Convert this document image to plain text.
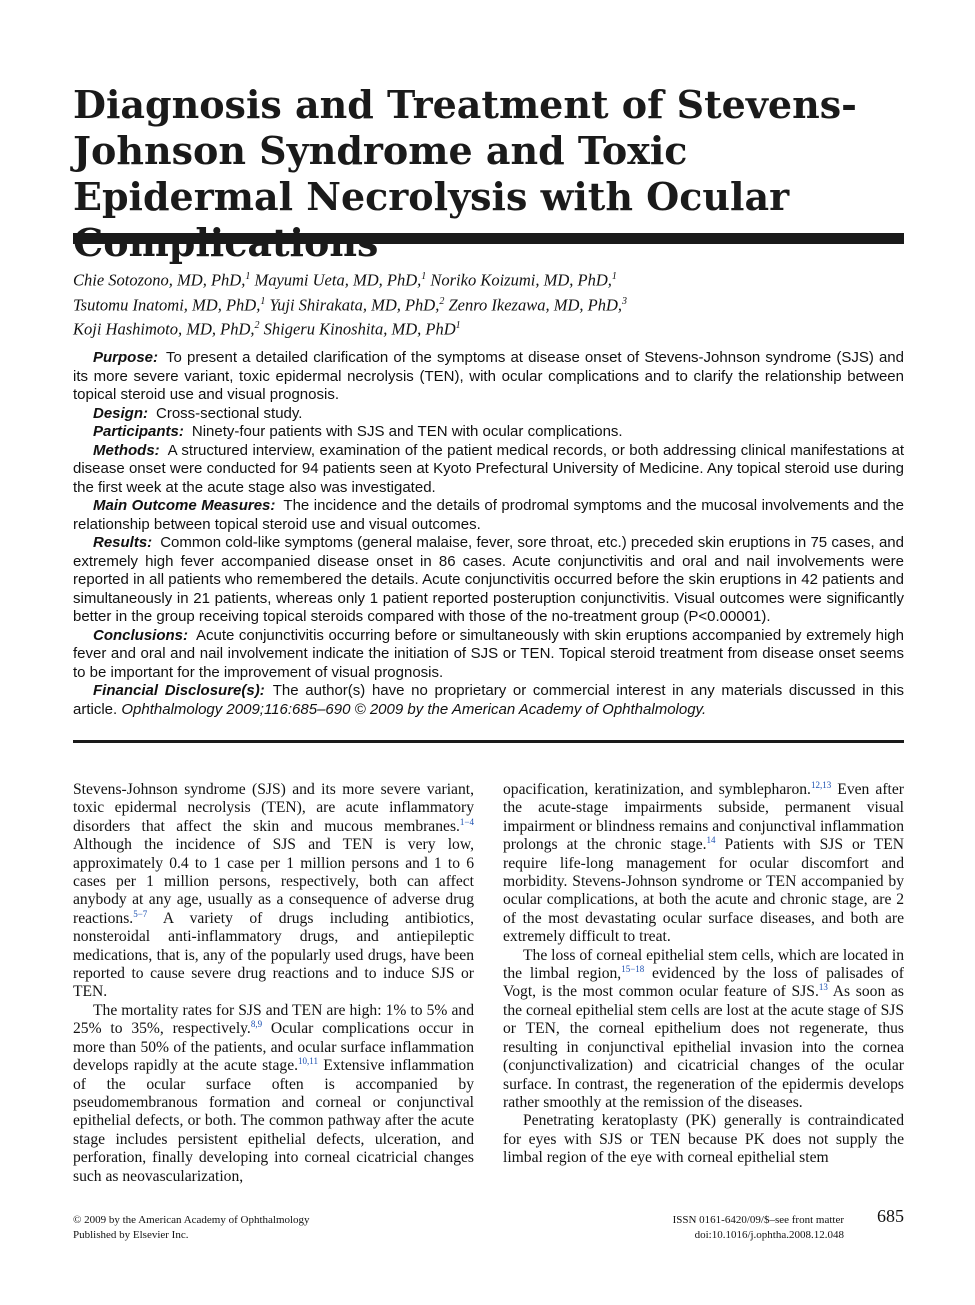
Diagnosis and Treatment of Stevens-Johnson Syndrome and Toxic Epidermal Necrolysis with Ocular
Chie Sotozono, MD, PhD,$^1$ Mayumi Ueta, MD, PhD,$^1$ Noriko Koizumi, MD, PhD,$^1$
Tsutomu Inatomi, MD, PhD,$^1$ Yuji Shirakata, MD, PhD,$^2$ Zenro Ikezawa, MD, PhD,$^3$
Koji Hashimoto, MD, PhD,$^2$ Shigeru Kinoshita, MD, PhD$^1$

Purpose: To present a detailed clarification of the symptoms at disease onset of Stevens-Johnson syndrome (SJS) and its more severe variant, toxic epidermal necrolysis (TEN), with ocular complications and to clarify the relationship between topical steroid use and visual prognosis.

Design: Cross-sectional study.

Participants: Ninety-four patients with SJS and TEN with ocular complications.

Methods: A structured interview, examination of the patient medical records, or both addressing clinical manifestations at disease onset were conducted for 94 patients seen at Kyoto Prefectural University of Medicine. Any topical steroid use during the first week at the acute stage also was investigated.

Main Outcome Measures: The incidence and the details of prodromal symptoms and the mucosal involvements and the relationship between topical steroid use and visual outcomes.

Results: Common cold-like symptoms (general malaise, fever, sore throat, etc.) preceded skin eruptions in 75 cases, and extremely high fever accompanied disease onset in 86 cases. Acute conjunctivitis and oral and nail involvements were reported in all patients who remembered the details. Acute conjunctivitis occurred before the skin eruptions in 42 patients and simultaneously in 21 patients, whereas only 1 patient reported posteruption conjunctivitis. Visual outcomes were significantly better in the group receiving topical steroids compared with those of the no-treatment group (P<0.00001).

Conclusions: Acute conjunctivitis occurring before or simultaneously with skin eruptions accompanied by extremely high fever and oral and nail involvement indicate the initiation of SJS or TEN. Topical steroid treatment from disease onset seems to be important for the improvement of visual prognosis.

Financial Disclosure(s): The author(s) have no proprietary or commercial interest in any materials discussed in this article. Ophthalmology 2009;116:685–690 © 2009 by the American Academy of Ophthalmology.

Stevens-Johnson syndrome (SJS) and its more severe variant, toxic epidermal necrolysis (TEN), are acute inflammatory disorders that affect the skin and mucous membranes.$^{1-4}$ Although the incidence of SJS and TEN is very low, approximately 0.4 to 1 case per 1 million persons and 1 to 6 cases per 1 million persons, respectively, both can affect anybody at any age, usually as a consequence of adverse drug reactions.$^{5-7}$ A variety of drugs including antibiotics, nonsteroidal anti-inflammatory drugs, and antiepileptic medications, that is, any of the popularly used drugs, have been reported to cause severe drug reactions and to induce SJS or TEN.

The mortality rates for SJS and TEN are high: 1% to 5% and 25% to 35%, respectively.$^{8,9}$ Ocular complications occur in more than 50% of the patients, and ocular surface inflammation develops rapidly at the acute stage.$^{10,11}$ Extensive inflammation of the ocular surface often is accompanied by pseudomembranous formation and corneal or conjunctival epithelial defects, or both. The common pathway after the acute stage includes persistent epithelial defects, ulceration, and perforation, finally developing into corneal cicatricial changes such as neovascularization,

opacification, keratinization, and symblepharon.$^{12,13}$ Even after the acute-stage impairments subside, permanent visual impairment or blindness remains and conjunctival inflammation prolongs at the chronic stage.$^{14}$ Patients with SJS or TEN require life-long management for ocular discomfort and morbidity. Stevens-Johnson syndrome or TEN accompanied by ocular complications, at both the acute and chronic stage, are 2 of the most devastating ocular surface diseases, and both are extremely difficult to treat.

The loss of corneal epithelial stem cells, which are located in the limbal region,$^{15-18}$ evidenced by the loss of palisades of Vogt, is the most common ocular feature of SJS.$^{13}$ As soon as the corneal epithelial stem cells are lost at the acute stage of SJS or TEN, the corneal epithelium does not regenerate, thus resulting in conjunctival epithelial invasion into the cornea (conjunctivalization) and cicatricial changes of the ocular surface. In contrast, the regeneration of the epidermis develops rather smoothly at the remission of the diseases.

Penetrating keratoplasty (PK) generally is contraindicated for eyes with SJS or TEN because PK does not supply the limbal region of the eye with corneal epithelial stem

© 2009 by the American Academy of Ophthalmology
Published by Elsevier Inc.
ISSN 0161-6420/09/$–see front matter
doi:10.1016/j.ophtha.2008.12.048
685
